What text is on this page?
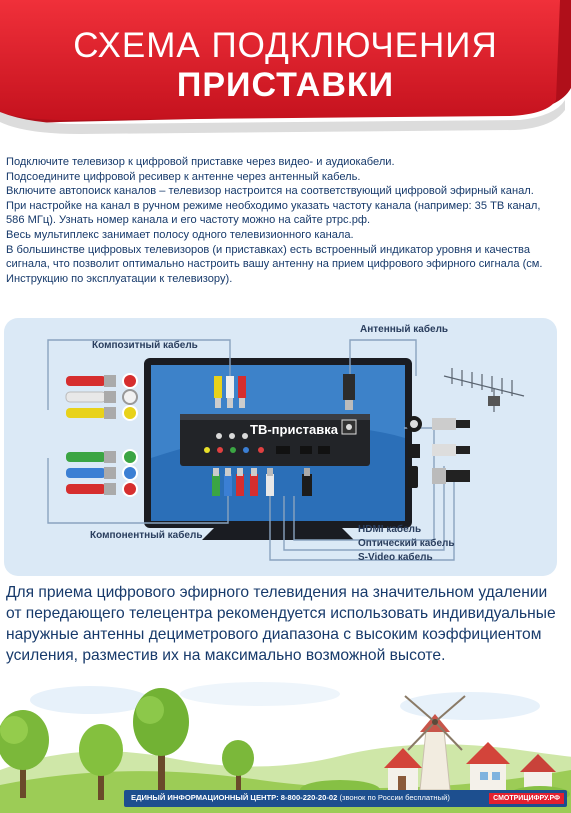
СХЕМА ПОДКЛЮЧЕНИЯ
ПРИСТАВКИ

Подключите телевизор к цифровой приставке через видео- и аудиокабели.

Подсоедините цифровой ресивер к антенне через антенный кабель.

Включите автопоиск каналов – телевизор настроится на соответствующий цифровой эфирный канал.

При настройке на канал в ручном режиме необходимо указать частоту канала (например: 35 ТВ канал, 586 МГц). Узнать номер канала и его частоту можно на сайте ртрс.рф.

Весь мультиплекс занимает полосу одного телевизионного канала.

В большинстве цифровых телевизоров (и приставках) есть встроенный индикатор уровня и качества сигнала, что позволит оптимально настроить вашу антенну на прием цифрового эфирного сигнала (см. Инструкцию по эксплуатации к телевизору).

Композитный кабель
Антенный кабель
ТВ-приставка
Компонентный кабель
HDMI кабель
Оптический кабель
S-Video кабель
Для приема цифрового эфирного телевидения на значительном удалении от передающего телецентра рекомендуется использовать индивидуальные наружные антенны дециметрового диапазона с высоким коэффициентом усиления, разместив их на максимально возможной высоте.
ЕДИНЫЙ ИНФОРМАЦИОННЫЙ ЦЕНТР: 8-800-220-20-02 (звонок по России бесплатный)	СМОТРИЦИФРУ.РФ
